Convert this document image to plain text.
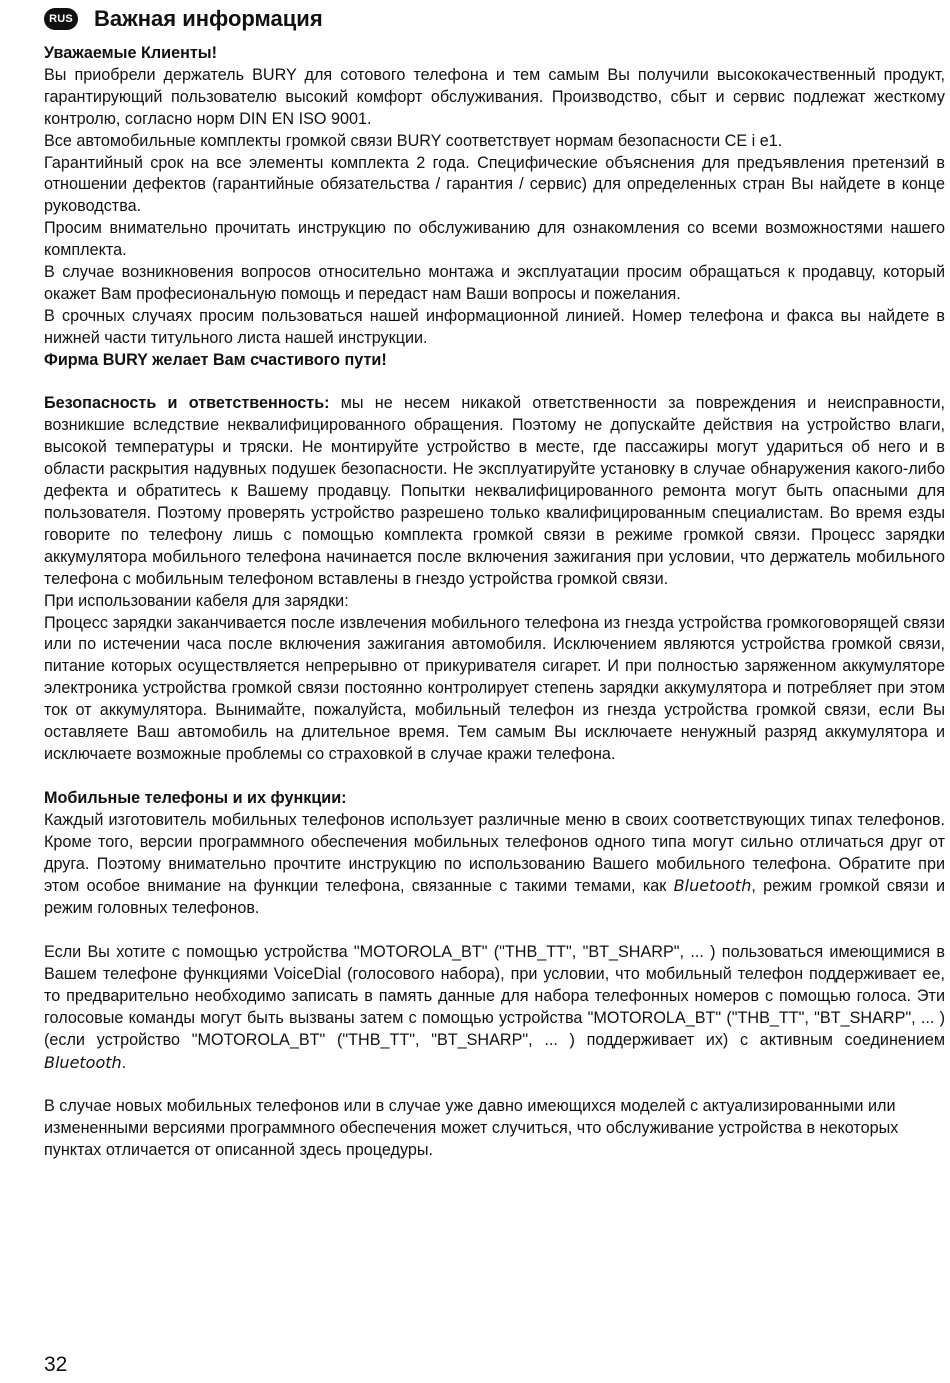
RUS Важная информация

Уважаемые Клиенты!

Вы приобрели держатель BURY для сотового телефона и тем самым Вы получили высококачественный продукт, гарантирующий пользователю высокий комфорт обслуживания. Производство, сбыт и сервис подлежат жесткому контролю, согласно норм DIN EN ISO 9001.

Все автомобильные комплекты громкой связи BURY соответствует нормам безопасности CE i e1.

Гарантийный срок на все элементы комплекта 2 года. Специфические объяснения для предъявления претензий в отношении дефектов (гарантийные обязательства / гарантия / сервис) для определенных стран Вы найдете в конце руководства.

Просим внимательно прочитать инструкцию по обслуживанию для ознакомления со всеми возможностями нашего комплекта.

В случае возникновения вопросов относительно монтажа и эксплуатации просим обращаться к продавцу, который окажет Вам професиональную помощь и передаст нам Ваши вопросы и пожелания.

В срочных случаях просим пользоваться нашей информационной линией. Номер телефона и факса вы найдете в нижней части титульного листа нашей инструкции.

Фирма BURY желает Вам счастивого пути!

Безопасность и ответственность: мы не несем никакой ответственности за повреждения и неисправности, возникшие вследствие неквалифицированного обращения. Поэтому не допускайте действия на устройство влаги, высокой температуры и тряски. Не монтируйте устройство в месте, где пассажиры могут удариться об него и в области раскрытия надувных подушек безопасности. Не эксплуатируйте установку в случае обнаружения какого-либо дефекта и обратитесь к Вашему продавцу. Попытки неквалифицированного ремонта могут быть опасными для пользователя. Поэтому проверять устройство разрешено только квалифицированным специалистам. Во время езды говорите по телефону лишь с помощью комплекта громкой связи в режиме громкой связи. Процесс зарядки аккумулятора мобильного телефона начинается после включения зажигания при условии, что держатель мобильного телефона с мобильным телефоном вставлены в гнездо устройства громкой связи.

При использовании кабеля для зарядки:

Процесс зарядки заканчивается после извлечения мобильного телефона из гнезда устройства громкоговорящей связи или по истечении часа после включения зажигания автомобиля. Исключением являются устройства громкой связи, питание которых осуществляется непрерывно от прикуривателя сигарет. И при полностью заряженном аккумуляторе электроника устройства громкой связи постоянно контролирует степень зарядки аккумулятора и потребляет при этом ток от аккумулятора. Вынимайте, пожалуйста, мобильный телефон из гнезда устройства громкой связи, если Вы оставляете Ваш автомобиль на длительное время. Тем самым Вы исключаете ненужный разряд аккумулятора и исключаете возможные проблемы со страховкой в случае кражи телефона.

Мобильные телефоны и их функции:

Каждый изготовитель мобильных телефонов использует различные меню в своих соответствующих типах телефонов. Кроме того, версии программного обеспечения мобильных телефонов одного типа могут сильно отличаться друг от друга. Поэтому внимательно прочтите инструкцию по использованию Вашего мобильного телефона. Обратите при этом особое внимание на функции телефона, связанные с такими темами, как Bluetooth, режим громкой связи и режим головных телефонов.

Если Вы хотите с помощью устройства "MOTOROLA_BT" ("THB_TT", "BT_SHARP", ... ) пользоваться имеющимися в Вашем телефоне функциями VoiceDial (голосового набора), при условии, что мобильный телефон поддерживает ее, то предварительно необходимо записать в память данные для набора телефонных номеров с помощью голоса. Эти голосовые команды могут быть вызваны затем с помощью устройства "MOTOROLA_BT" ("THB_TT", "BT_SHARP", ... ) (если устройство "MOTOROLA_BT" ("THB_TT", "BT_SHARP", ... ) поддерживает их) с активным соединением Bluetooth.

В случае новых мобильных телефонов или в случае уже давно имеющихся моделей с актуализированными или измененными версиями программного обеспечения может случиться, что обслуживание устройства в некоторых пунктах отличается от описанной здесь процедуры.

32
